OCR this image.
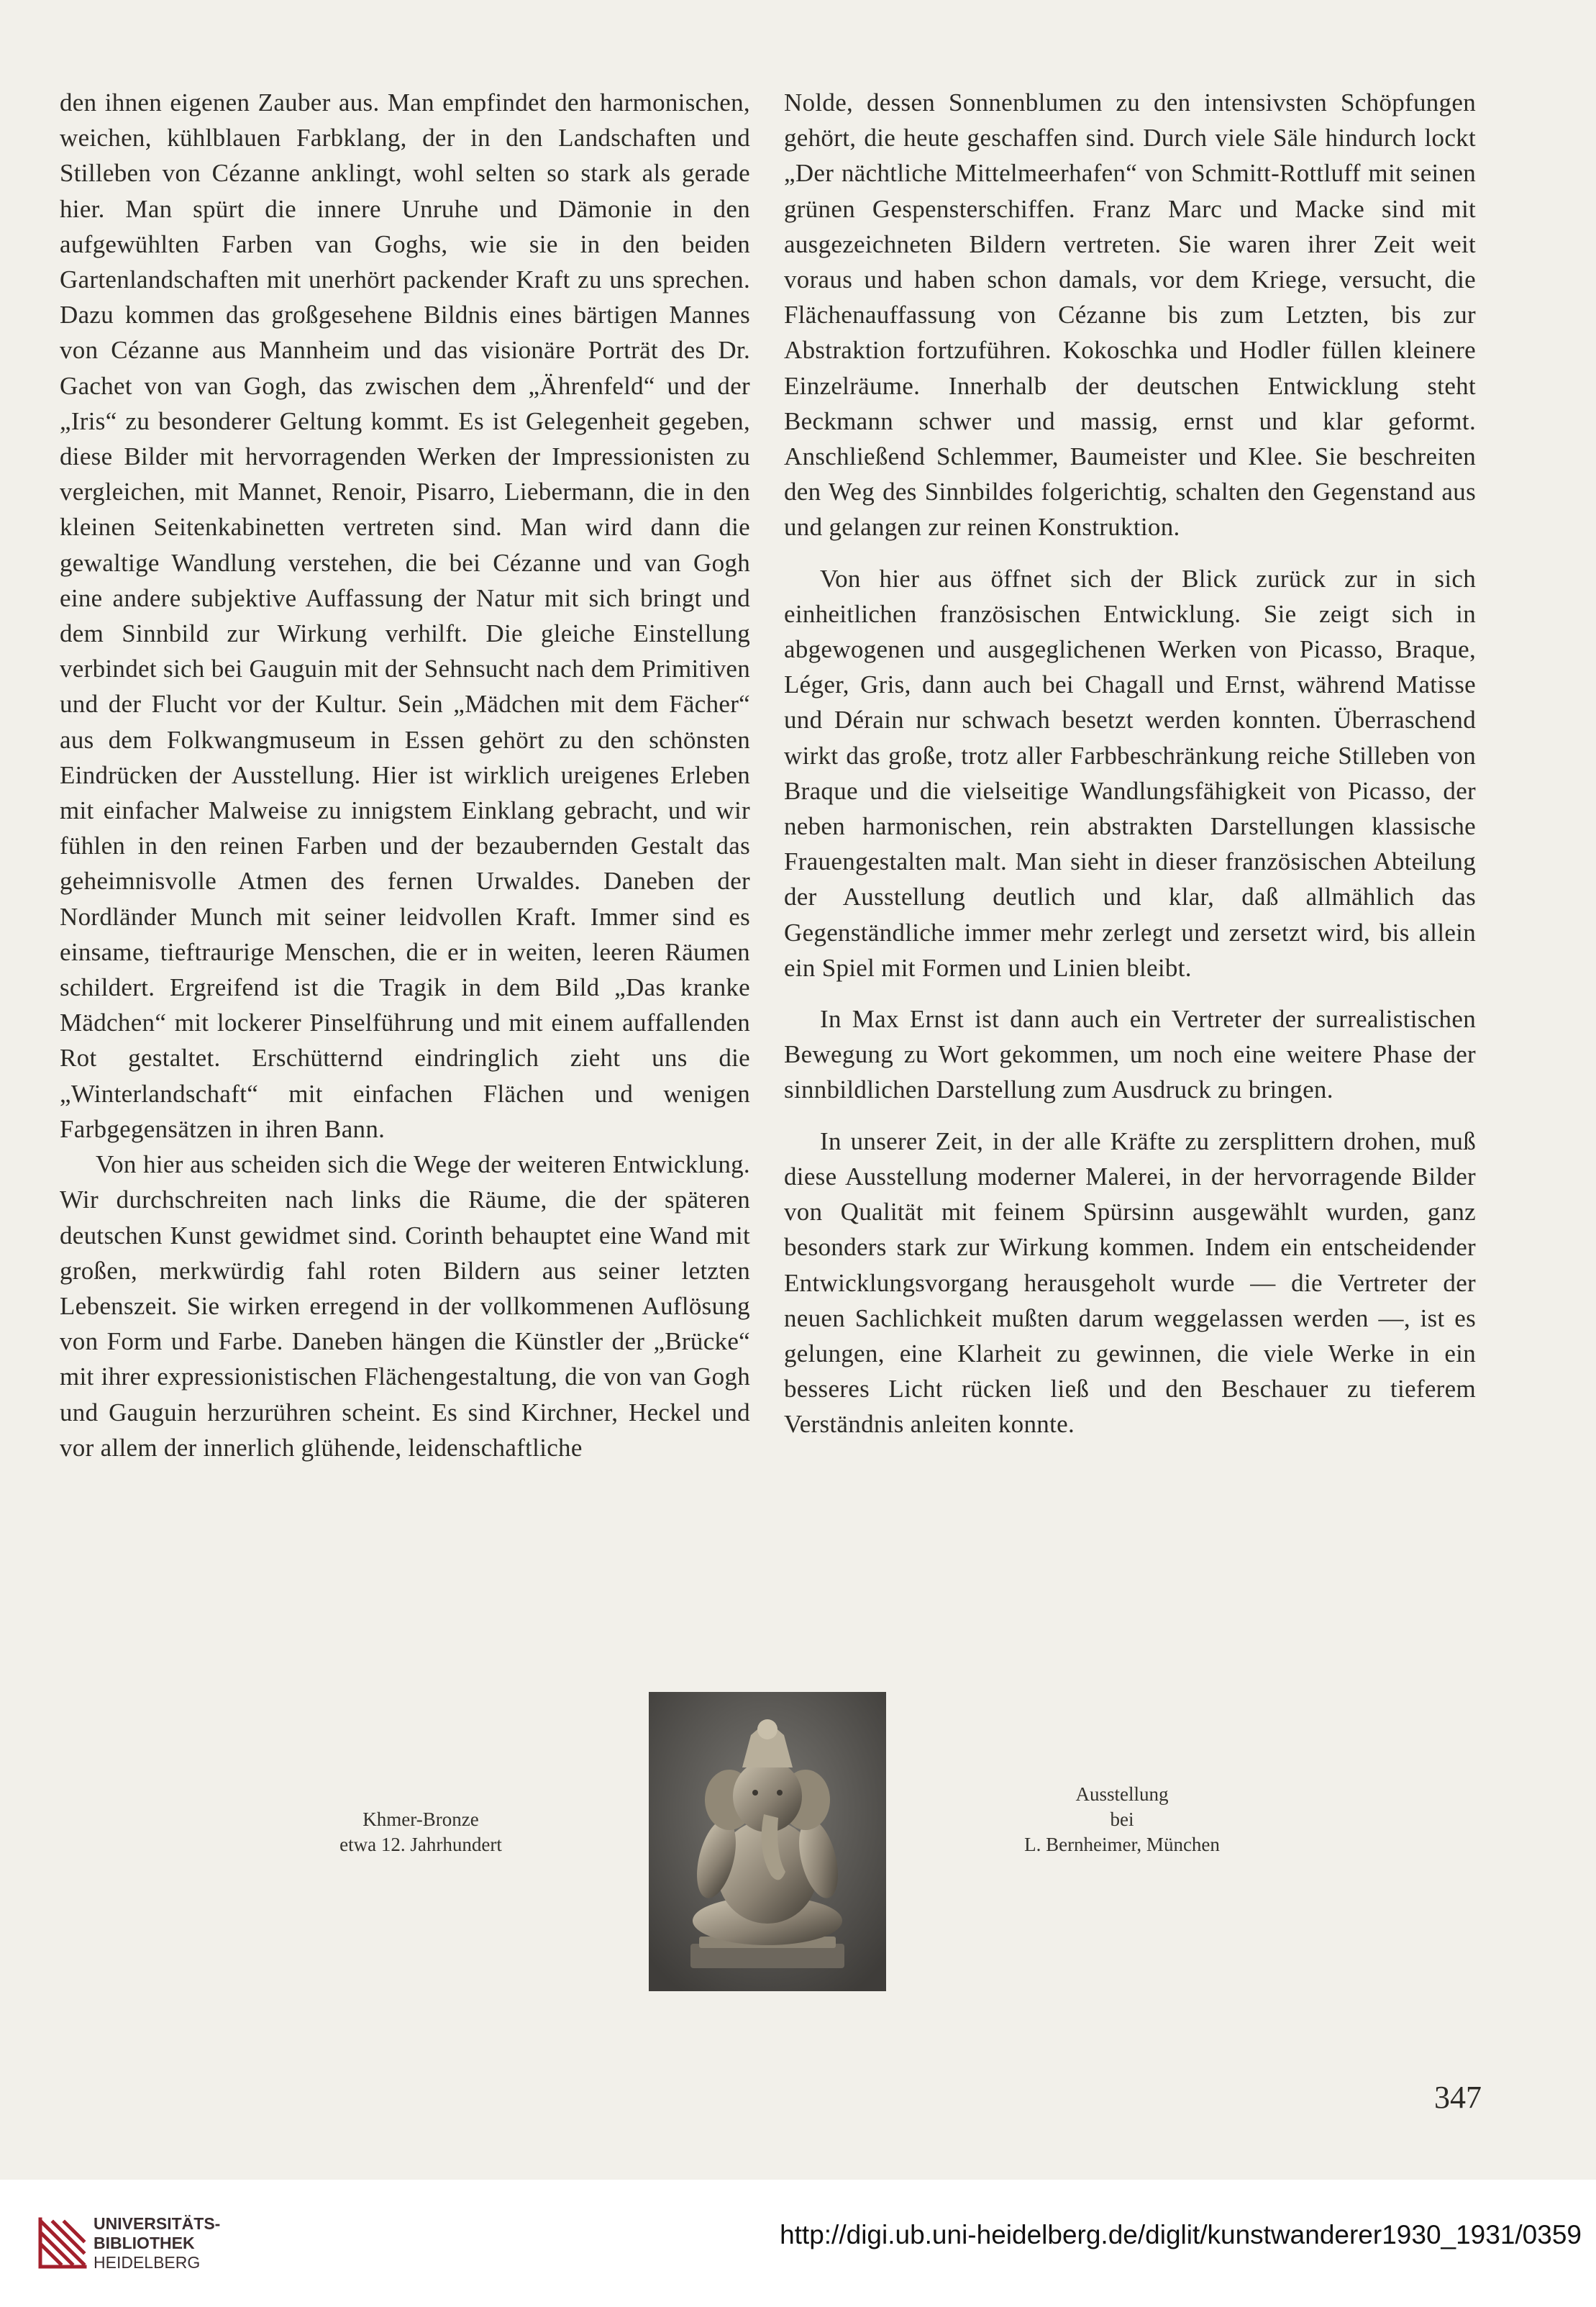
den ihnen eigenen Zauber aus. Man empfindet den harmonischen, weichen, kühlblauen Farbklang, der in den Landschaften und Stilleben von Cézanne anklingt, wohl selten so stark als gerade hier. Man spürt die innere Unruhe und Dämonie in den aufgewühlten Farben van Goghs, wie sie in den beiden Gartenlandschaften mit unerhört packender Kraft zu uns sprechen. Dazu kommen das großgesehene Bildnis eines bärtigen Mannes von Cézanne aus Mannheim und das visionäre Porträt des Dr. Gachet von van Gogh, das zwischen dem „Ährenfeld“ und der „Iris“ zu besonderer Geltung kommt. Es ist Gelegenheit gegeben, diese Bilder mit hervorragenden Werken der Impressionisten zu vergleichen, mit Mannet, Renoir, Pisarro, Liebermann, die in den kleinen Seitenkabinetten vertreten sind. Man wird dann die gewaltige Wandlung verstehen, die bei Cézanne und van Gogh eine andere subjektive Auffassung der Natur mit sich bringt und dem Sinnbild zur Wirkung verhilft. Die gleiche Einstellung verbindet sich bei Gauguin mit der Sehnsucht nach dem Primitiven und der Flucht vor der Kultur. Sein „Mädchen mit dem Fächer“ aus dem Folkwangmuseum in Essen gehört zu den schönsten Eindrücken der Ausstellung. Hier ist wirklich ureigenes Erleben mit einfacher Malweise zu innigstem Einklang gebracht, und wir fühlen in den reinen Farben und der bezaubernden Gestalt das geheimnisvolle Atmen des fernen Urwaldes. Daneben der Nordländer Munch mit seiner leidvollen Kraft. Immer sind es einsame, tieftraurige Menschen, die er in weiten, leeren Räumen schildert. Ergreifend ist die Tragik in dem Bild „Das kranke Mädchen“ mit lockerer Pinselführung und mit einem auffallenden Rot gestaltet. Erschütternd eindringlich zieht uns die „Winterlandschaft“ mit einfachen Flächen und wenigen Farbgegensätzen in ihren Bann.

Von hier aus scheiden sich die Wege der weiteren Entwicklung. Wir durchschreiten nach links die Räume, die der späteren deutschen Kunst gewidmet sind. Corinth behauptet eine Wand mit großen, merkwürdig fahl roten Bildern aus seiner letzten Lebenszeit. Sie wirken erregend in der vollkommenen Auflösung von Form und Farbe. Daneben hängen die Künstler der „Brücke“ mit ihrer expressionistischen Flächengestaltung, die von van Gogh und Gauguin herzurühren scheint. Es sind Kirchner, Heckel und vor allem der innerlich glühende, leidenschaftliche

Nolde, dessen Sonnenblumen zu den intensivsten Schöpfungen gehört, die heute geschaffen sind. Durch viele Säle hindurch lockt „Der nächtliche Mittelmeerhafen“ von Schmitt-Rottluff mit seinen grünen Gespensterschiffen. Franz Marc und Macke sind mit ausgezeichneten Bildern vertreten. Sie waren ihrer Zeit weit voraus und haben schon damals, vor dem Kriege, versucht, die Flächenauffassung von Cézanne bis zum Letzten, bis zur Abstraktion fortzuführen. Kokoschka und Hodler füllen kleinere Einzelräume. Innerhalb der deutschen Entwicklung steht Beckmann schwer und massig, ernst und klar geformt. Anschließend Schlemmer, Baumeister und Klee. Sie beschreiten den Weg des Sinnbildes folgerichtig, schalten den Gegenstand aus und gelangen zur reinen Konstruktion.

Von hier aus öffnet sich der Blick zurück zur in sich einheitlichen französischen Entwicklung. Sie zeigt sich in abgewogenen und ausgeglichenen Werken von Picasso, Braque, Léger, Gris, dann auch bei Chagall und Ernst, während Matisse und Dérain nur schwach besetzt werden konnten. Überraschend wirkt das große, trotz aller Farbbeschränkung reiche Stilleben von Braque und die vielseitige Wandlungsfähigkeit von Picasso, der neben harmonischen, rein abstrakten Darstellungen klassische Frauengestalten malt. Man sieht in dieser französischen Abteilung der Ausstellung deutlich und klar, daß allmählich das Gegenständliche immer mehr zerlegt und zersetzt wird, bis allein ein Spiel mit Formen und Linien bleibt.

In Max Ernst ist dann auch ein Vertreter der surrealistischen Bewegung zu Wort gekommen, um noch eine weitere Phase der sinnbildlichen Darstellung zum Ausdruck zu bringen.

In unserer Zeit, in der alle Kräfte zu zersplittern drohen, muß diese Ausstellung moderner Malerei, in der hervorragende Bilder von Qualität mit feinem Spürsinn ausgewählt wurden, ganz besonders stark zur Wirkung kommen. Indem ein entscheidender Entwicklungsvorgang herausgeholt wurde — die Vertreter der neuen Sachlichkeit mußten darum weggelassen werden —, ist es gelungen, eine Klarheit zu gewinnen, die viele Werke in ein besseres Licht rücken ließ und den Beschauer zu tieferem Verständnis anleiten konnte.

Khmer-Bronze
etwa 12. Jahrhundert
Ausstellung
bei
L. Bernheimer, München
347
UNIVERSITÄTS-
BIBLIOTHEK
HEIDELBERG
http://digi.ub.uni-heidelberg.de/diglit/kunstwanderer1930_1931/0359
